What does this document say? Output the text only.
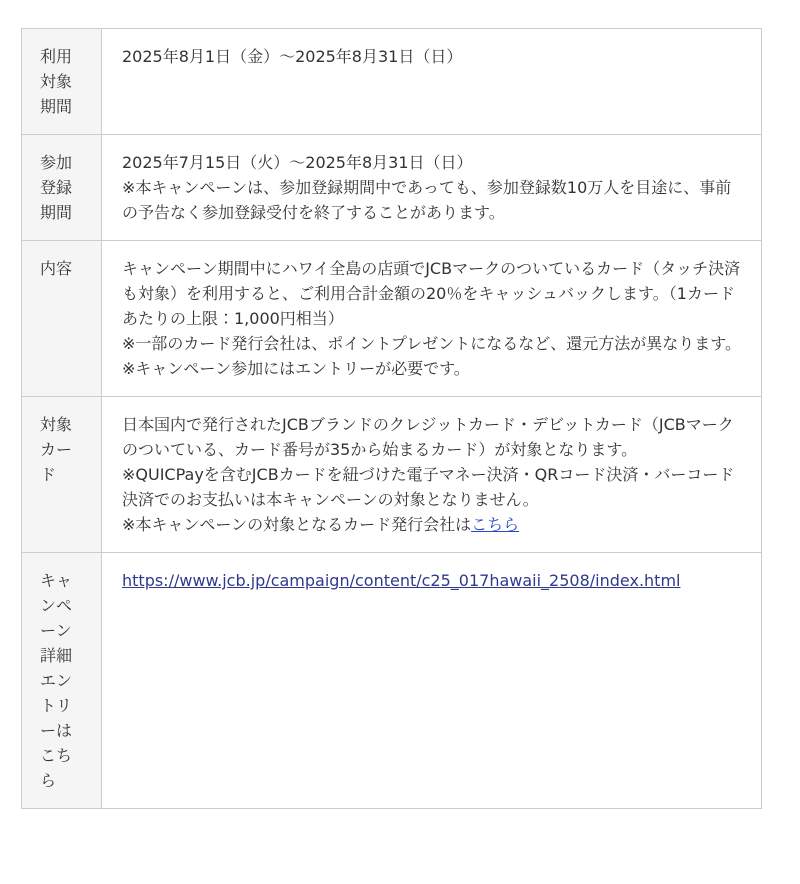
利用対象期間	2025年8月1日（金）〜2025年8月31日（日）

参加登録期間	2025年7月15日（火）〜2025年8月31日（日）

※本キャンペーンは、参加登録期間中であっても、参加登録数10万人を目途に、事前の予告なく参加登録受付を終了することがあります。

内容	キャンペーン期間中にハワイ全島の店頭でJCBマークのついているカード（タッチ決済も対象）を利用すると、ご利用合計金額の20％をキャッシュバックします。（1カードあたりの上限：1,000円相当）

※一部のカード発行会社は、ポイントプレゼントになるなど、還元方法が異なります。

※キャンペーン参加にはエントリーが必要です。

対象カード	日本国内で発行されたJCBブランドのクレジットカード・デビットカード（JCBマークのついている、カード番号が35から始まるカード）が対象となります。

※QUICPayを含むJCBカードを紐づけた電子マネー決済・QRコード決済・バーコード決済でのお支払いは本キャンペーンの対象となりません。

※本キャンペーンの対象となるカード発行会社はこちら

キャンペーン詳細エントリーはこちら	https://www.jcb.jp/campaign/content/c25_017hawaii_2508/index.html
